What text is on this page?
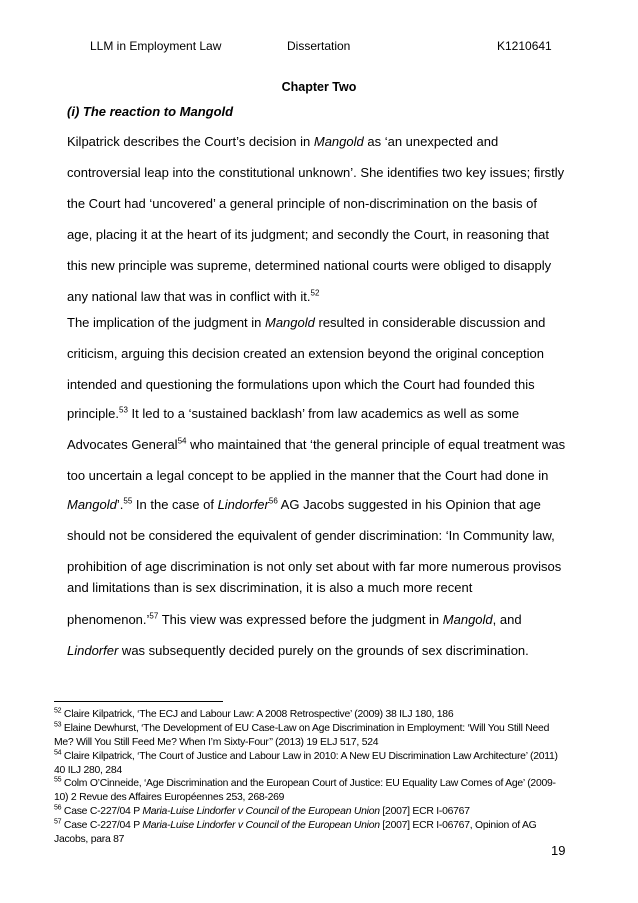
LLM in Employment Law	Dissertation	K1210641
Chapter Two
(i) The reaction to Mangold
Kilpatrick describes the Court’s decision in Mangold as ‘an unexpected and
controversial leap into the constitutional unknown’. She identifies two key issues; firstly
the Court had ‘uncovered’ a general principle of non-discrimination on the basis of
age, placing it at the heart of its judgment; and secondly the Court, in reasoning that
this new principle was supreme, determined national courts were obliged to disapply
any national law that was in conflict with it.$^{52}$
The implication of the judgment in Mangold resulted in considerable discussion and
criticism, arguing this decision created an extension beyond the original conception
intended and questioning the formulations upon which the Court had founded this
principle.$^{53}$ It led to a ‘sustained backlash’ from law academics as well as some
Advocates General$^{54}$ who maintained that ‘the general principle of equal treatment was
too uncertain a legal concept to be applied in the manner that the Court had done in
Mangold’.$^{55}$ In the case of Lindorfer$^{56}$ AG Jacobs suggested in his Opinion that age
should not be considered the equivalent of gender discrimination: ‘In Community law,
prohibition of age discrimination is not only set about with far more numerous provisos
and limitations than is sex discrimination, it is also a much more recent
phenomenon.’$^{57}$ This view was expressed before the judgment in Mangold, and
Lindorfer was subsequently decided purely on the grounds of sex discrimination.
$^{52}$ Claire Kilpatrick, ‘The ECJ and Labour Law: A 2008 Retrospective’ (2009) 38 ILJ 180, 186
$^{53}$ Elaine Dewhurst, ‘The Development of EU Case-Law on Age Discrimination in Employment: ‘Will You Still Need
Me? Will You Still Feed Me? When I’m Sixty-Four’’ (2013) 19 ELJ 517, 524
$^{54}$ Claire Kilpatrick, ‘The Court of Justice and Labour Law in 2010: A New EU Discrimination Law Architecture’ (2011)
40 ILJ 280, 284
$^{55}$ Colm O’Cinneide, ‘Age Discrimination and the European Court of Justice: EU Equality Law Comes of Age’ (2009-
10) 2 Revue des Affaires Européennes 253, 268-269
$^{56}$ Case C-227/04 P Maria-Luise Lindorfer v Council of the European Union [2007] ECR I-06767
$^{57}$ Case C-227/04 P Maria-Luise Lindorfer v Council of the European Union [2007] ECR I-06767, Opinion of AG
Jacobs, para 87
19
